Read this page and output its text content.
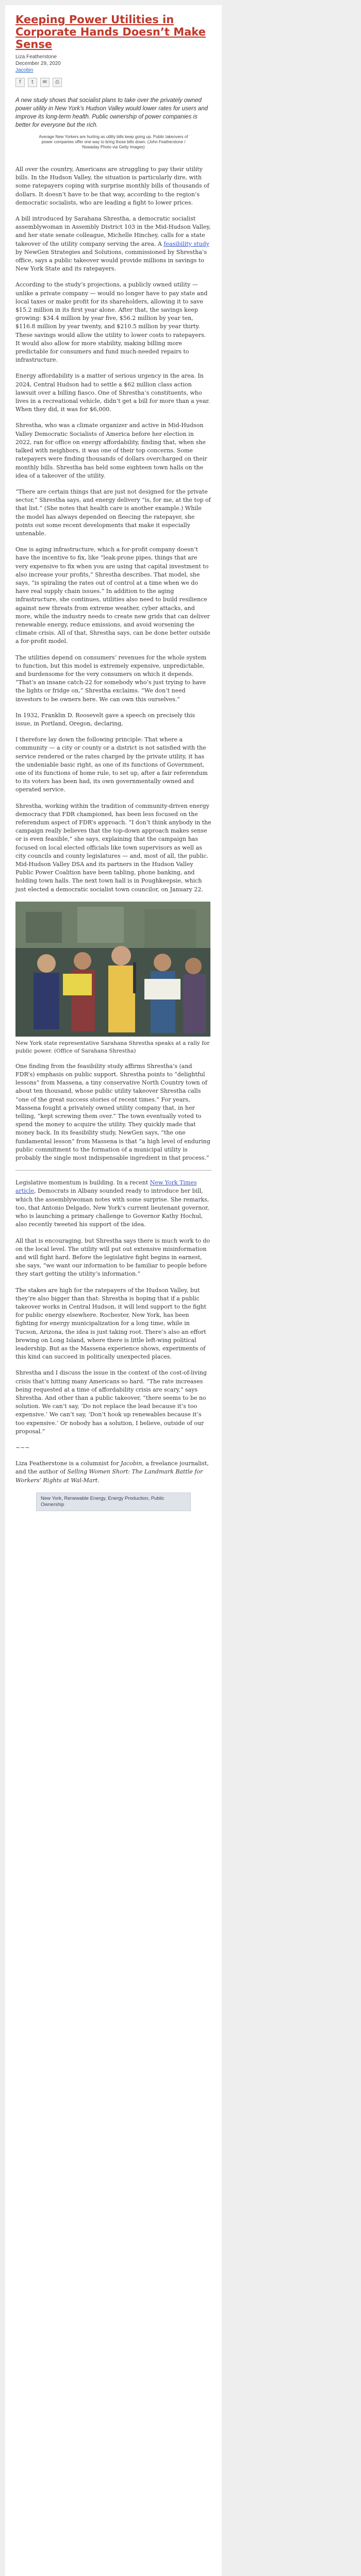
Keeping Power Utilities in Corporate Hands Doesn’t Make Sense
Liza Featherstone
December 29, 2020
Jacobin
f	t	✉	⎙

A new study shows that socialist plans to take over the privately owned power utility in New York’s Hudson Valley would lower rates for users and improve its long-term health. Public ownership of power companies is better for everyone but the rich.

Average New Yorkers are hurting as utility bills keep going up. Public takeovers of power companies offer one way to bring those bills down. (John Featherstone / Nowaday Photo via Getty Images)

All over the country, Americans are struggling to pay their utility bills. In the Hudson Valley, the situation is particularly dire, with some ratepayers coping with surprise monthly bills of thousands of dollars. It doesn’t have to be that way, according to the region’s democratic socialists, who are leading a fight to lower prices.

A bill introduced by Sarahana Shrestha, a democratic socialist assemblywoman in Assembly District 103 in the Mid-Hudson Valley, and her state senate colleague, Michelle Hinchey, calls for a state takeover of the utility company serving the area. A feasibility study by NewGen Strategies and Solutions, commissioned by Shrestha’s office, says a public takeover would provide millions in savings to New York State and its ratepayers.

According to the study’s projections, a publicly owned utility — unlike a private company — would no longer have to pay state and local taxes or make profit for its shareholders, allowing it to save $15.2 million in its first year alone. After that, the savings keep growing: $34.4 million by year five, $56.2 million by year ten, $116.8 million by year twenty, and $210.5 million by year thirty. These savings would allow the utility to lower costs to ratepayers. It would also allow for more stability, making billing more predictable for consumers and fund much-needed repairs to infrastructure.

Energy affordability is a matter of serious urgency in the area. In 2024, Central Hudson had to settle a $62 million class action lawsuit over a billing fiasco. One of Shrestha’s constituents, who lives in a recreational vehicle, didn’t get a bill for more than a year. When they did, it was for $6,000.

Shrestha, who was a climate organizer and active in Mid-Hudson Valley Democratic Socialists of America before her election in 2022, ran for office on energy affordability, finding that, when she talked with neighbors, it was one of their top concerns. Some ratepayers were finding thousands of dollars overcharged on their monthly bills. Shrestha has held some eighteen town halls on the idea of a takeover of the utility.

“There are certain things that are just not designed for the private sector,” Shrestha says, and energy delivery “is, for me, at the top of that list.” (She notes that health care is another example.) While the model has always depended on fleecing the ratepayer, she points out some recent developments that make it especially untenable.

One is aging infrastructure, which a for-profit company doesn’t have the incentive to fix, like “leak-prone pipes, things that are very expensive to fix when you are using that capital investment to also increase your profits,” Shrestha describes. That model, she says, “is spiraling the rates out of control at a time when we do have real supply chain issues.” In addition to the aging infrastructure, she continues, utilities also need to build resilience against new threats from extreme weather, cyber attacks, and more, while the industry needs to create new grids that can deliver renewable energy, reduce emissions, and avoid worsening the climate crisis. All of that, Shrestha says, can be done better outside a for-profit model.

The utilities depend on consumers’ revenues for the whole system to function, but this model is extremely expensive, unpredictable, and burdensome for the very consumers on which it depends. “That’s an insane catch-22 for somebody who’s just trying to have the lights or fridge on,” Shrestha exclaims. “We don’t need investors to be owners here. We can own this ourselves.”

In 1932, Franklin D. Roosevelt gave a speech on precisely this issue, in Portland, Oregon, declaring,

I therefore lay down the following principle: That where a community — a city or county or a district is not satisfied with the service rendered or the rates charged by the private utility, it has the undeniable basic right, as one of its functions of Government, one of its functions of home rule, to set up, after a fair referendum to its voters has been had, its own governmentally owned and operated service.

Shrestha, working within the tradition of community-driven energy democracy that FDR championed, has been less focused on the referendum aspect of FDR’s approach. “I don’t think anybody in the campaign really believes that the top-down approach makes sense or is even feasible,” she says, explaining that the campaign has focused on local elected officials like town supervisors as well as city councils and county legislatures — and, most of all, the public. Mid-Hudson Valley DSA and its partners in the Hudson Valley Public Power Coalition have been tabling, phone banking, and holding town halls. The next town hall is in Poughkeepsie, which just elected a democratic socialist town councilor, on January 22.

New York state representative Sarahana Shrestha speaks at a rally for public power. (Office of Sarahana Shrestha)

One finding from the feasibility study affirms Shrestha’s (and FDR’s) emphasis on public support. Shrestha points to “delightful lessons” from Massena, a tiny conservative North Country town of about ten thousand, whose public utility takeover Shrestha calls “one of the great success stories of recent times.” For years, Massena fought a privately owned utility company that, in her telling, “kept screwing them over.” The town eventually voted to spend the money to acquire the utility. They quickly made that money back. In its feasibility study, NewGen says, “the one fundamental lesson” from Massena is that “a high level of enduring public commitment to the formation of a municipal utility is probably the single most indispensable ingredient in that process.”

Legislative momentum is building. In a recent New York Times article, Democrats in Albany sounded ready to introduce her bill, which the assemblywoman notes with some surprise. She remarks, too, that Antonio Delgado, New York’s current lieutenant governor, who is launching a primary challenge to Governor Kathy Hochul, also recently tweeted his support of the idea.

All that is encouraging, but Shrestha says there is much work to do on the local level. The utility will put out extensive misinformation and will fight hard. Before the legislative fight begins in earnest, she says, “we want our information to be familiar to people before they start getting the utility’s information.”

The stakes are high for the ratepayers of the Hudson Valley, but they’re also bigger than that: Shrestha is hoping that if a public takeover works in Central Hudson, it will lend support to the fight for public energy elsewhere. Rochester, New York, has been fighting for energy municipalization for a long time, while in Tucson, Arizona, the idea is just taking root. There’s also an effort brewing on Long Island, where there is little left-wing political leadership. But as the Massena experience shows, experiments of this kind can succeed in politically unexpected places.

Shrestha and I discuss the issue in the context of the cost-of-living crisis that’s hitting many Americans so hard. “The rate increases being requested at a time of affordability crisis are scary,” says Shrestha. And other than a public takeover, “there seems to be no solution. We can’t say, ‘Do not replace the lead because it’s too expensive.’ We can’t say, ‘Don’t hook up renewables because it’s too expensive.’ Or nobody has a solution, I believe, outside of our proposal.”

~~~

Liza Featherstone is a columnist for Jacobin, a freelance journalist, and the author of Selling Women Short: The Landmark Battle for Workers’ Rights at Wal-Mart.

New York, Renewable Energy, Energy Production, Public Ownership
